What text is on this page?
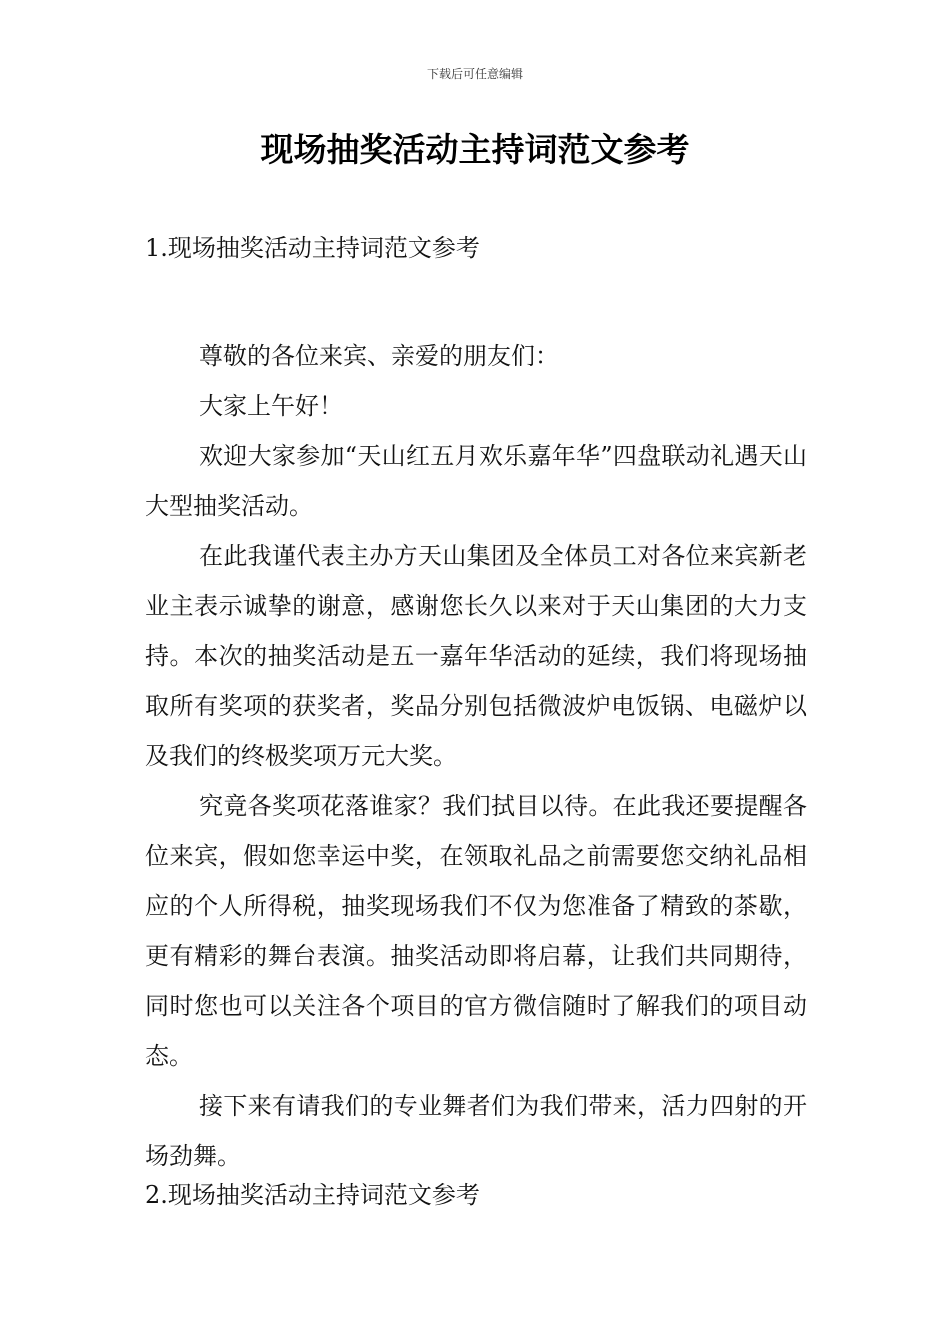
下载后可任意编辑
现场抽奖活动主持词范文参考
1.现场抽奖活动主持词范文参考

尊敬的各位来宾、亲爱的朋友们：

大家上午好！

欢迎大家参加“天山红五月欢乐嘉年华”四盘联动礼遇天山大型抽奖活动。

在此我谨代表主办方天山集团及全体员工对各位来宾新老业主表示诚挚的谢意，感谢您长久以来对于天山集团的大力支持。本次的抽奖活动是五一嘉年华活动的延续，我们将现场抽取所有奖项的获奖者，奖品分别包括微波炉电饭锅、电磁炉以及我们的终极奖项万元大奖。

究竟各奖项花落谁家？我们拭目以待。在此我还要提醒各位来宾，假如您幸运中奖，在领取礼品之前需要您交纳礼品相应的个人所得税，抽奖现场我们不仅为您准备了精致的茶歇，更有精彩的舞台表演。抽奖活动即将启幕，让我们共同期待，同时您也可以关注各个项目的官方微信随时了解我们的项目动态。

接下来有请我们的专业舞者们为我们带来，活力四射的开场劲舞。

2.现场抽奖活动主持词范文参考
